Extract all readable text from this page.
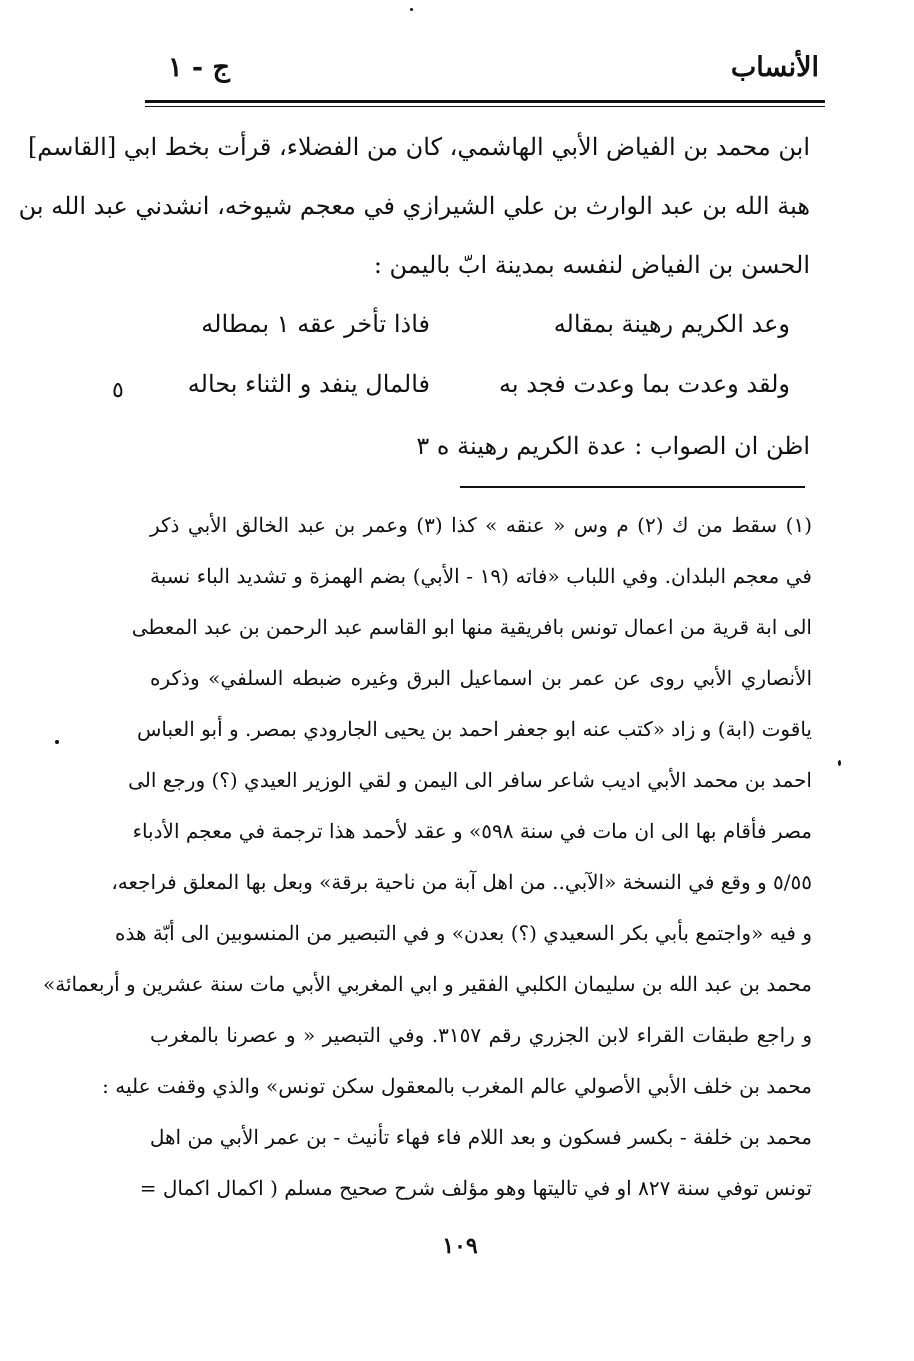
الأنساب
ج - ١
ابن محمد بن الفياض الأبي الهاشمي، كان من الفضلاء، قرأت بخط ابي [القاسم]
هبة الله بن عبد الوارث بن علي الشيرازي في معجم شيوخه، انشدني عبد الله بن
الحسن بن الفياض لنفسه بمدينة ابّ باليمن :
وعد الكريم رهينة بمقاله
فاذا تأخر عقه ١ بمطاله
ولقد وعدت بما وعدت فجد به
فالمال ينفد و الثناء بحاله
٥
اظن ان الصواب : عدة الكريم رهينة ه ٣
(١) سقط من ك (٢) م وس « عنقه » كذا (٣) وعمر بن عبد الخالق الأبي ذكر
في معجم البلدان. وفي اللباب «فاته (١٩ - الأبي) بضم الهمزة و تشديد الباء نسبة
الى ابة قرية من اعمال تونس بافريقية منها ابو القاسم عبد الرحمن بن عبد المعطى
الأنصاري الأبي روى عن عمر بن اسماعيل البرق وغيره ضبطه السلفي» وذكره
ياقوت (ابة) و زاد «كتب عنه ابو جعفر احمد بن يحيى الجارودي بمصر. و أبو العباس
احمد بن محمد الأبي اديب شاعر سافر الى اليمن و لقي الوزير العيدي (؟) ورجع الى
مصر فأقام بها الى ان مات في سنة ٥٩٨» و عقد لأحمد هذا ترجمة في معجم الأدباء
٥/٥٥ و وقع في النسخة «الآبي.. من اهل آبة من ناحية برقة» وبعل بها المعلق فراجعه،
و فيه «واجتمع بأبي بكر السعيدي (؟) بعدن» و في التبصير من المنسوبين الى أبّة هذه
محمد بن عبد الله بن سليمان الكلبي الفقير و ابي المغربي الأبي مات سنة عشرين و أربعمائة»
و راجع طبقات القراء لابن الجزري رقم ٣١٥٧. وفي التبصير « و عصرنا بالمغرب
محمد بن خلف الأبي الأصولي عالم المغرب بالمعقول سكن تونس» والذي وقفت عليه :
محمد بن خلفة - بكسر فسكون و بعد اللام فاء فهاء تأنيث - بن عمر الأبي من اهل
تونس توفي سنة ٨٢٧ او في تاليتها وهو مؤلف شرح صحيح مسلم ( اكمال اكمال =
١٠٩
